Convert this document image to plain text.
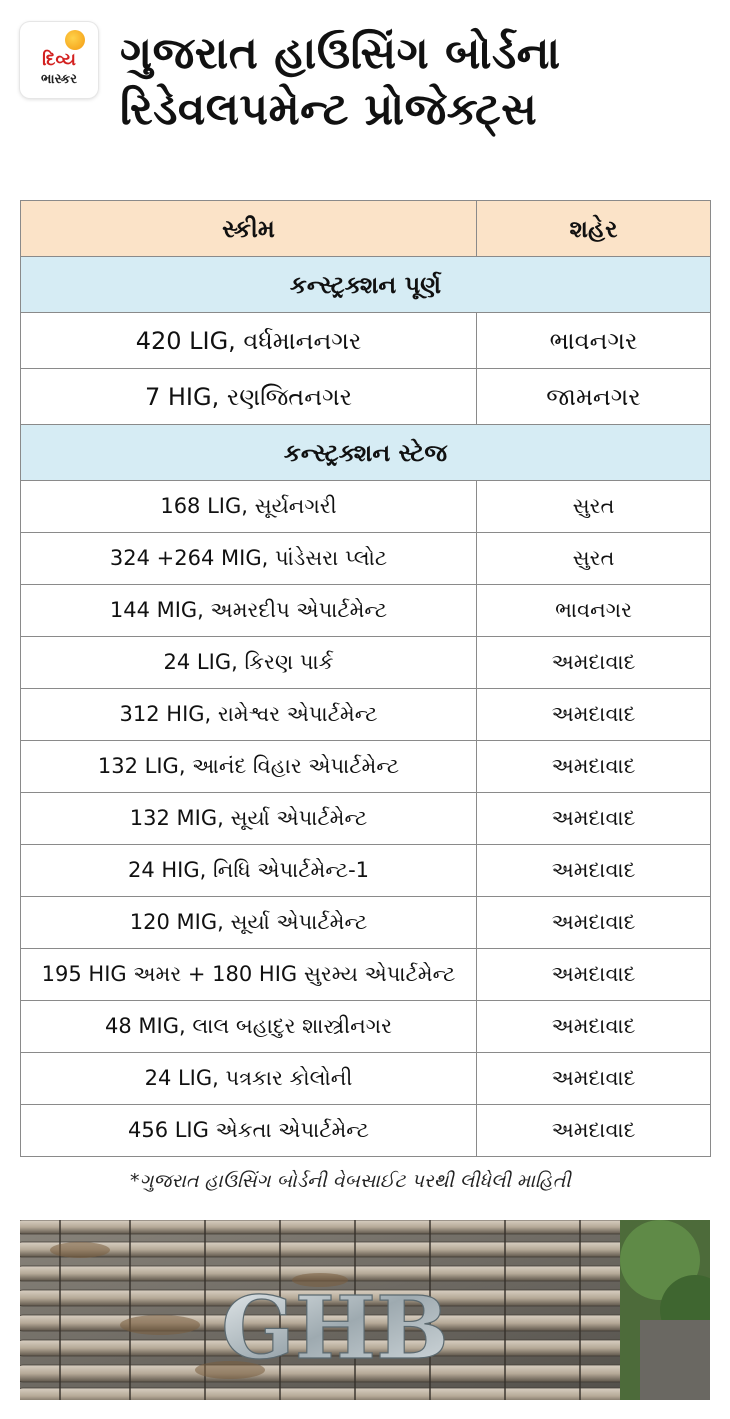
દિવ્ય
ભાસ્કર
ગુજરાત હાઉસિંગ બોર્ડના રિડેવલપમેન્ટ પ્રોજેક્ટ્સ
સ્કીમ	શહેર
કન્સ્ટ્રક્શન પૂર્ણ	
420 LIG, વર્ધમાનનગર	ભાવનગર
7 HIG, રણજિતનગર	જામનગર
કન્સ્ટ્રક્શન સ્ટેજ	
168 LIG, સૂર્યનગરી	સુરત
324 +264 MIG, પાંડેસરા પ્લોટ	સુરત
144 MIG, અમરદીપ એપાર્ટમેન્ટ	ભાવનગર
24 LIG, કિરણ પાર્ક	અમદાવાદ
312 HIG, રામેશ્વર એપાર્ટમેન્ટ	અમદાવાદ
132 LIG, આનંદ વિહાર એપાર્ટમેન્ટ	અમદાવાદ
132 MIG, સૂર્યા એપાર્ટમેન્ટ	અમદાવાદ
24 HIG, નિધિ એપાર્ટમેન્ટ-1	અમદાવાદ
120 MIG, સૂર્યા એપાર્ટમેન્ટ	અમદાવાદ
195 HIG અમર + 180 HIG સુરમ્ય એપાર્ટમેન્ટ	અમદાવાદ
48 MIG, લાલ બહાદુર શાસ્ત્રીનગર	અમદાવાદ
24 LIG, પત્રકાર કોલોની	અમદાવાદ
456 LIG એકતા એપાર્ટમેન્ટ	અમદાવાદ
*ગુજરાત હાઉસિંગ બોર્ડની વેબસાઈટ પરથી લીધેલી માહિતી
GHB
